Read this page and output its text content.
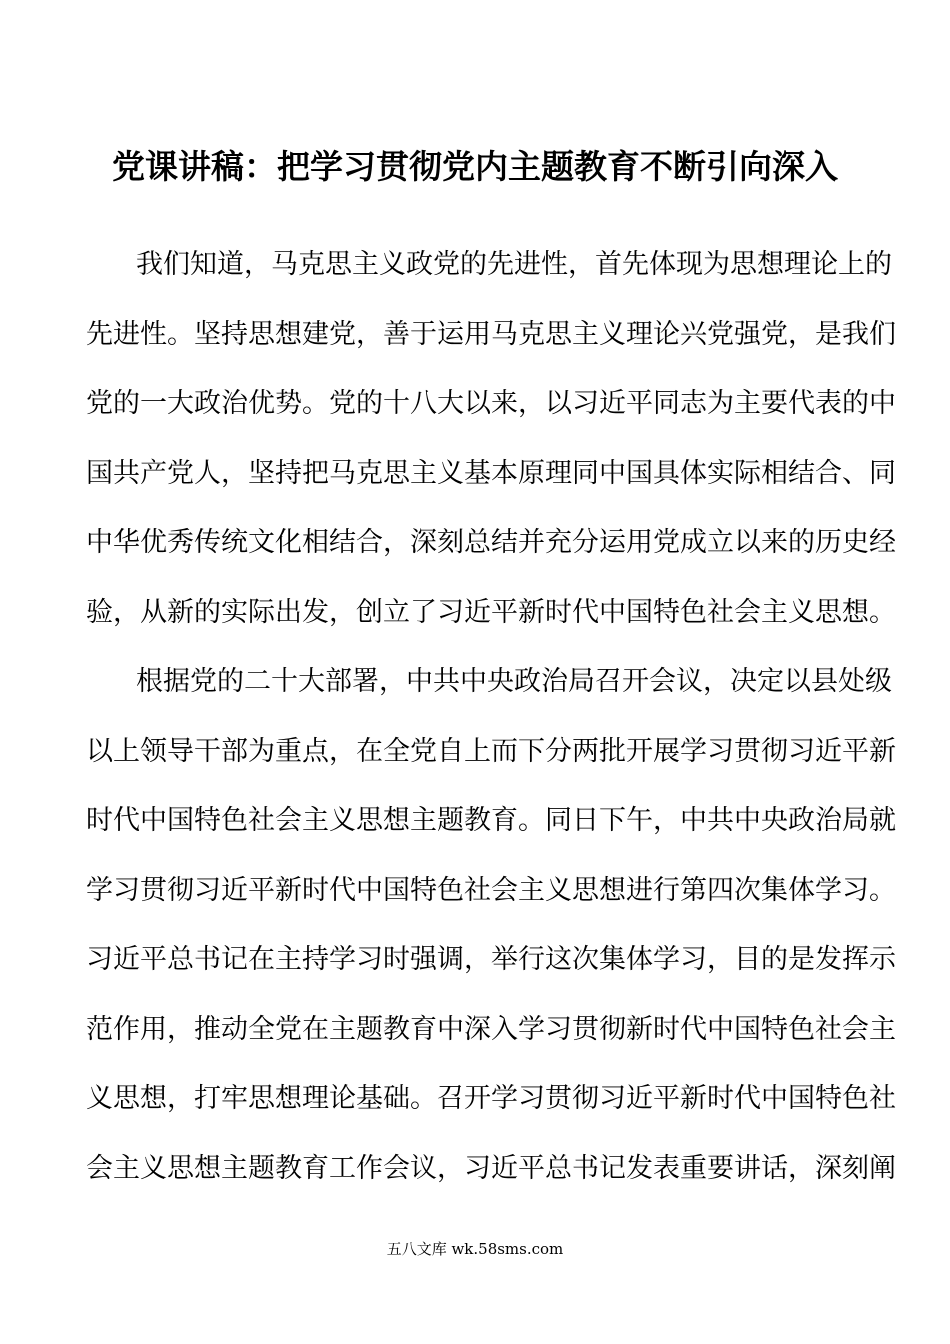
党课讲稿：把学习贯彻党内主题教育不断引向深入
我们知道，马克思主义政党的先进性，首先体现为思想理论上的
先进性。坚持思想建党，善于运用马克思主义理论兴党强党，是我们
党的一大政治优势。党的十八大以来，以习近平同志为主要代表的中
国共产党人，坚持把马克思主义基本原理同中国具体实际相结合、同
中华优秀传统文化相结合，深刻总结并充分运用党成立以来的历史经
验，从新的实际出发，创立了习近平新时代中国特色社会主义思想。
根据党的二十大部署，中共中央政治局召开会议，决定以县处级
以上领导干部为重点，在全党自上而下分两批开展学习贯彻习近平新
时代中国特色社会主义思想主题教育。同日下午，中共中央政治局就
学习贯彻习近平新时代中国特色社会主义思想进行第四次集体学习。
习近平总书记在主持学习时强调，举行这次集体学习，目的是发挥示
范作用，推动全党在主题教育中深入学习贯彻新时代中国特色社会主
义思想，打牢思想理论基础。召开学习贯彻习近平新时代中国特色社
会主义思想主题教育工作会议，习近平总书记发表重要讲话，深刻阐
五八文库 wk.58sms.com
